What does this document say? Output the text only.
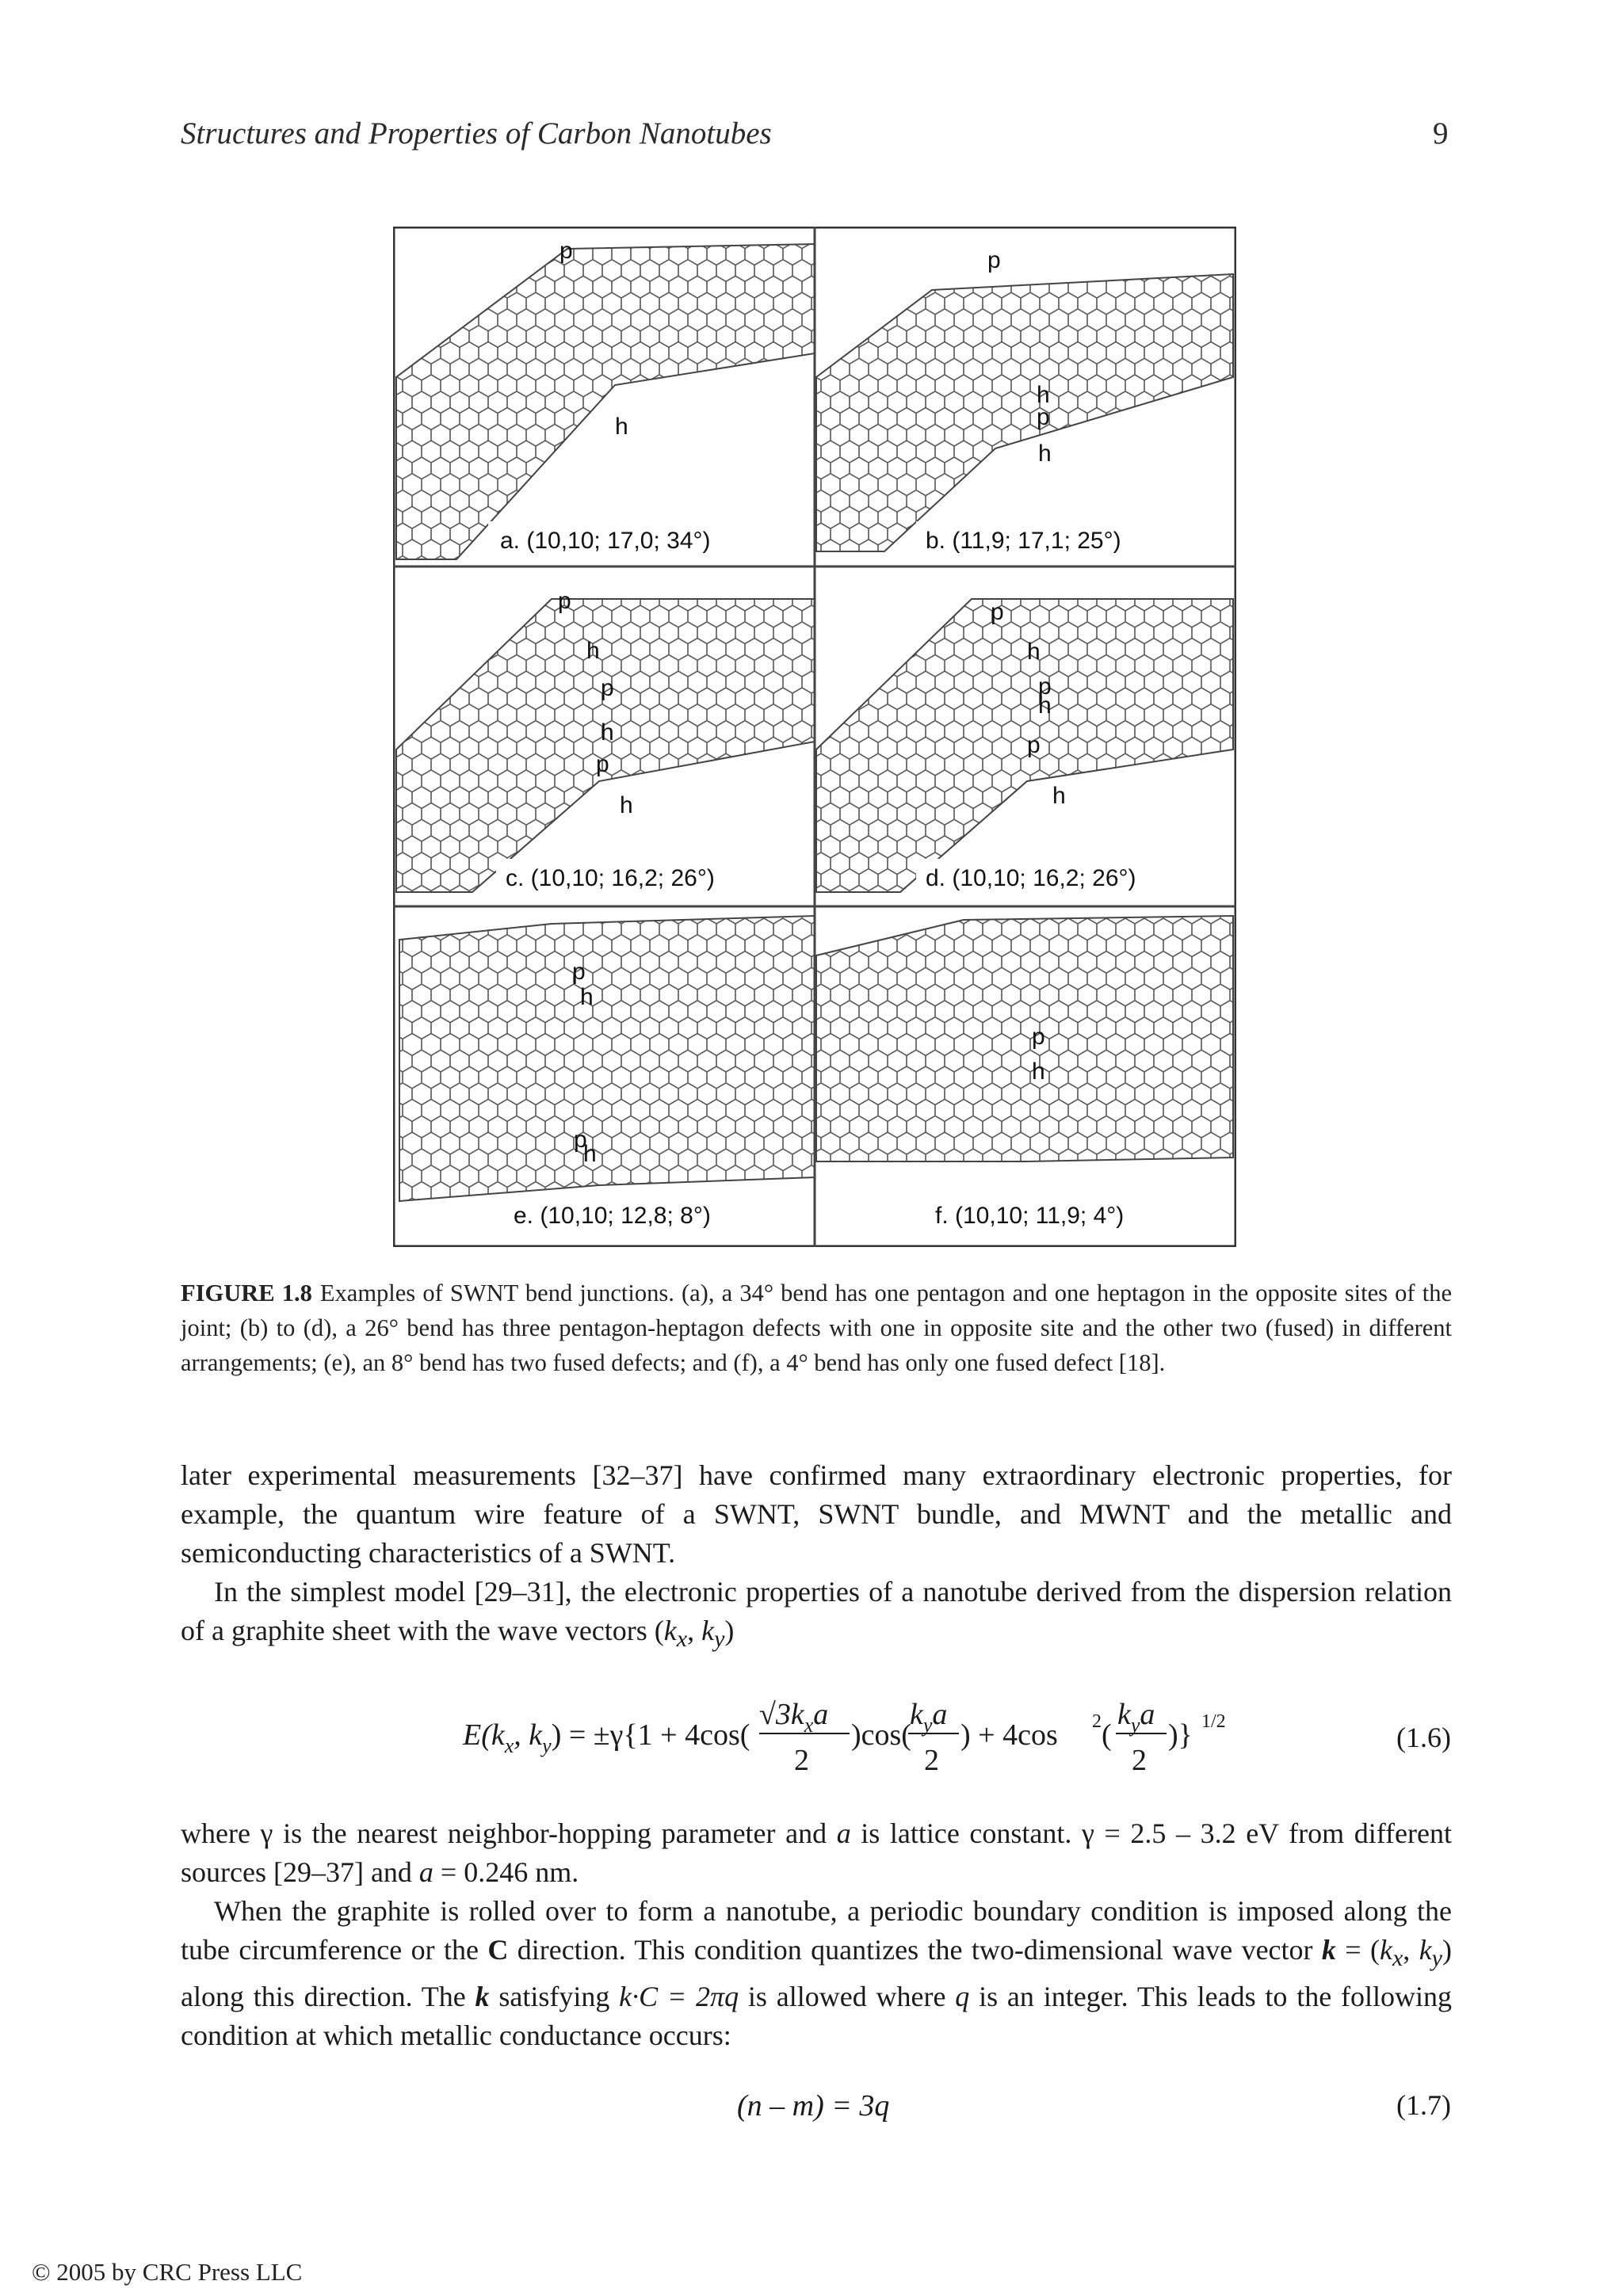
Structures and Properties of Carbon Nanotubes	9
a. (10,10; 17,0; 34°)	b. (11,9; 17,1; 25°)
c. (10,10; 16,2; 26°)	d. (10,10; 16,2; 26°)
e. (10,10; 12,8; 8°)	f. (10,10; 11,9; 4°)
p
h
p
h
p
h
p
h
p
h
p
h
p
h
p
h
p
h
p
h
p
h
p
h
FIGURE 1.8 Examples of SWNT bend junctions. (a), a 34° bend has one pentagon and one heptagon in the opposite sites of the joint; (b) to (d), a 26° bend has three pentagon-heptagon defects with one in opposite site and the other two (fused) in different arrangements; (e), an 8° bend has two fused defects; and (f), a 4° bend has only one fused defect [18].
later experimental measurements [32–37] have confirmed many extraordinary electronic properties, for example, the quantum wire feature of a SWNT, SWNT bundle, and MWNT and the metallic and semiconducting characteristics of a SWNT.
In the simplest model [29–31], the electronic properties of a nanotube derived from the dispersion relation of a graphite sheet with the wave vectors ($k_x$, $k_y$)
$E(k_x$, $k_y) = \pm\gamma\{1 + 4\cos$(
$√3k_xa$
2
)cos(
$k_ya$
2
) + 4cos 2 (
$k_ya$
2
)} 1/2	(1.6)
where γ is the nearest neighbor-hopping parameter and a is lattice constant. γ = 2.5 – 3.2 eV from different sources [29–37] and a = 0.246 nm.
When the graphite is rolled over to form a nanotube, a periodic boundary condition is imposed along the tube circumference or the C direction. This condition quantizes the two-dimensional wave vector $k = (k_x$, $k_y$) along this direction. The k satisfying k·C = 2πq is allowed where q is an integer. This leads to the following condition at which metallic conductance occurs:
(n – m) = 3q	(1.7)
© 2005 by CRC Press LLC
